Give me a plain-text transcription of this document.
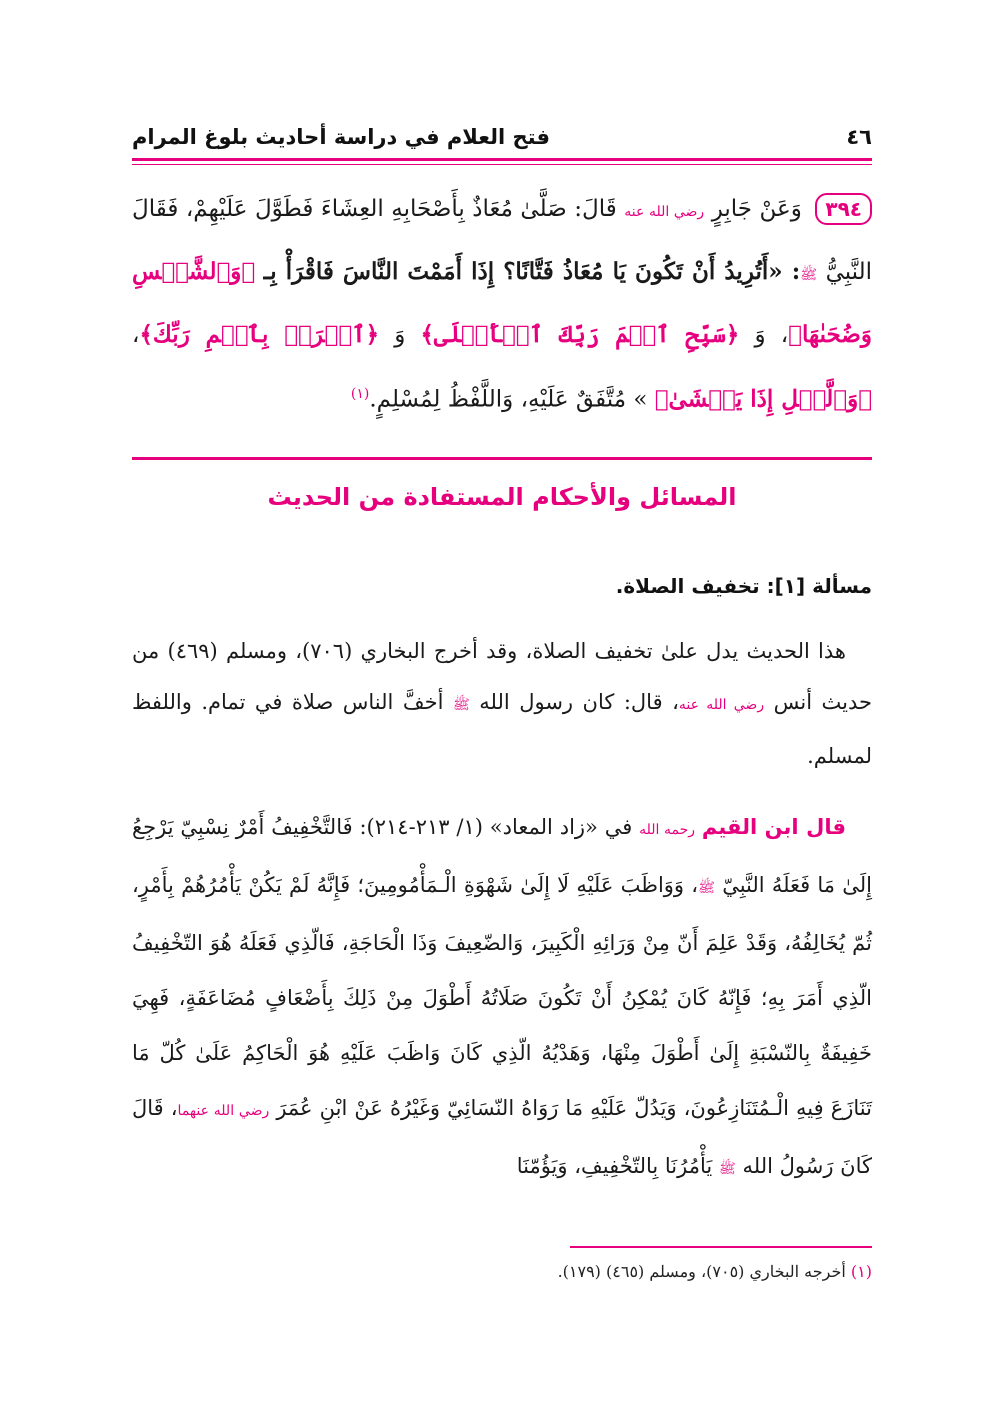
٤٦
فتح العلام في دراسة أحاديث بلوغ المرام
٣٩٤ وَعَنْ جَابِرٍ رضي الله عنه قَالَ: صَلَّىٰ مُعَاذٌ بِأَصْحَابِهِ العِشَاءَ فَطَوَّلَ عَلَيْهِمْ، فَقَالَ النَّبِيُّ ﷺ: «أَتُرِيدُ أَنْ تَكُونَ يَا مُعَاذُ فَتَّانًا؟ إِذَا أَمَمْتَ النَّاسَ فَاقْرَأْ بِـ ﴿وَٱلشَّمۡسِ وَضُحَىٰهَا﴾، وَ ﴿سَبِّحِ ٱسۡمَ رَبِّكَ ٱلۡأَعۡلَى﴾ وَ ﴿ٱقۡرَأۡ بِٱسۡمِ رَبِّكَ﴾، ﴿وَٱلَّيۡلِ إِذَا يَغۡشَىٰ﴾ » مُتَّفَقٌ عَلَيْهِ، وَاللَّفْظُ لِمُسْلِمٍ.$^{(١)}$
المسائل والأحكام المستفادة من الحديث
مسألة [١]: تخفيف الصلاة.
هذا الحديث يدل علىٰ تخفيف الصلاة، وقد أخرج البخاري (٧٠٦)، ومسلم (٤٦٩) من حديث أنس رضي الله عنه، قال: كان رسول الله ﷺ أخفَّ الناس صلاة في تمام. واللفظ لمسلم.
قال ابن القيم رحمه الله في «زاد المعاد» (١/ ٢١٣-٢١٤): فَالتَّخْفِيفُ أَمْرٌ نِسْبِيّ يَرْجِعُ إِلَىٰ مَا فَعَلَهُ النَّبِيّ ﷺ، وَوَاظَبَ عَلَيْهِ لَا إِلَىٰ شَهْوَةِ الْـمَأْمُومِينَ؛ فَإِنَّهُ لَمْ يَكُنْ يَأْمُرُهُمْ بِأَمْرٍ، ثُمّ يُخَالِفُهُ، وَقَدْ عَلِمَ أَنّ مِنْ وَرَائِهِ الْكَبِيرَ، وَالضّعِيفَ وَذَا الْحَاجَةِ، فَالّذِي فَعَلَهُ هُوَ التّخْفِيفُ الّذِي أَمَرَ بِهِ؛ فَإِنّهُ كَانَ يُمْكِنُ أَنْ تَكُونَ صَلَاتُهُ أَطْوَلَ مِنْ ذَلِكَ بِأَضْعَافٍ مُضَاعَفَةٍ، فَهِيَ خَفِيفَةٌ بِالنّسْبَةِ إِلَىٰ أَطْوَلَ مِنْهَا، وَهَدْيُهُ الّذِي كَانَ وَاظَبَ عَلَيْهِ هُوَ الْحَاكِمُ عَلَىٰ كُلّ مَا تَنَازَعَ فِيهِ الْـمُتَنَازِعُونَ، وَيَدُلّ عَلَيْهِ مَا رَوَاهُ النّسَائِيّ وَغَيْرُهُ عَنْ ابْنِ عُمَرَ رضي الله عنهما، قَالَ كَانَ رَسُولُ الله ﷺ يَأْمُرُنَا بِالتّخْفِيفِ، وَيَؤُمّنَا
(١) أخرجه البخاري (٧٠٥)، ومسلم (٤٦٥) (١٧٩).
